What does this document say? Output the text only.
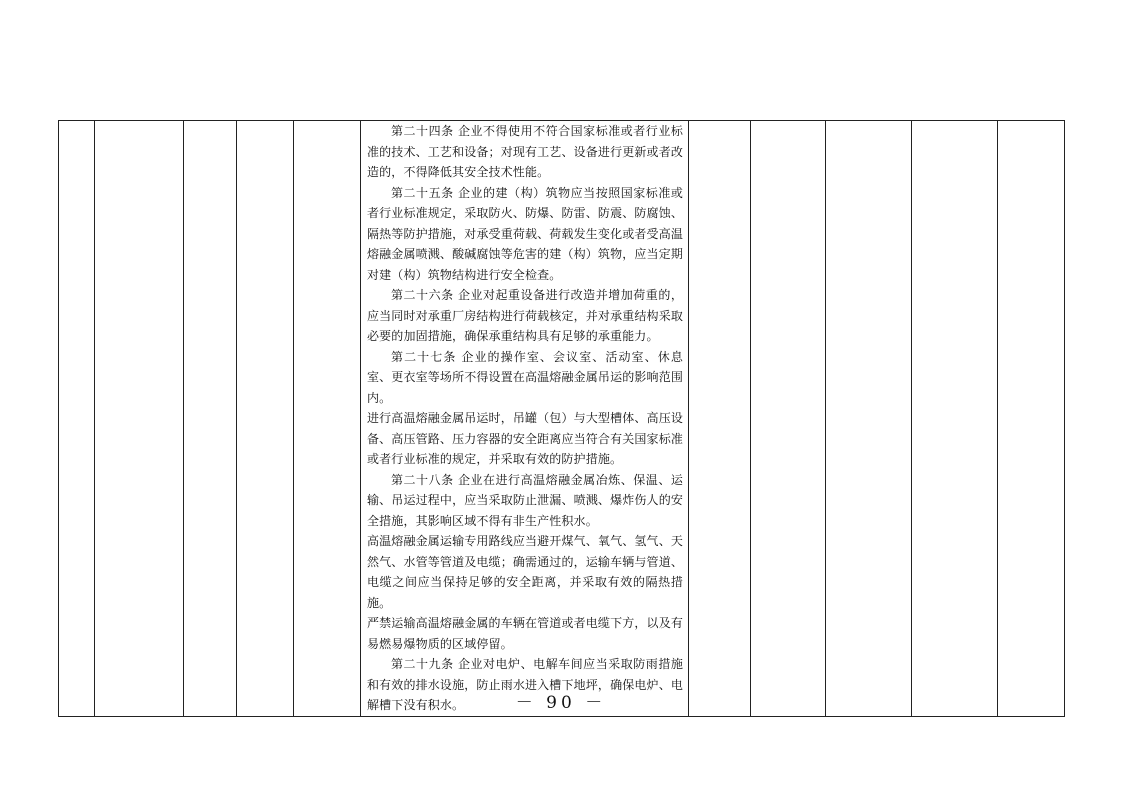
第二十四条 企业不得使用不符合国家标准或者行业标准的技术、工艺和设备；对现有工艺、设备进行更新或者改造的，不得降低其安全技术性能。

第二十五条 企业的建（构）筑物应当按照国家标准或者行业标准规定，采取防火、防爆、防雷、防震、防腐蚀、隔热等防护措施，对承受重荷载、荷载发生变化或者受高温熔融金属喷溅、酸碱腐蚀等危害的建（构）筑物，应当定期对建（构）筑物结构进行安全检查。

第二十六条 企业对起重设备进行改造并增加荷重的，应当同时对承重厂房结构进行荷载核定，并对承重结构采取必要的加固措施，确保承重结构具有足够的承重能力。

第二十七条 企业的操作室、会议室、活动室、休息室、更衣室等场所不得设置在高温熔融金属吊运的影响范围内。

进行高温熔融金属吊运时，吊罐（包）与大型槽体、高压设备、高压管路、压力容器的安全距离应当符合有关国家标准或者行业标准的规定，并采取有效的防护措施。

第二十八条 企业在进行高温熔融金属冶炼、保温、运输、吊运过程中，应当采取防止泄漏、喷溅、爆炸伤人的安全措施，其影响区域不得有非生产性积水。

高温熔融金属运输专用路线应当避开煤气、氧气、氢气、天然气、水管等管道及电缆；确需通过的，运输车辆与管道、电缆之间应当保持足够的安全距离，并采取有效的隔热措施。

严禁运输高温熔融金属的车辆在管道或者电缆下方，以及有易燃易爆物质的区域停留。

第二十九条 企业对电炉、电解车间应当采取防雨措施和有效的排水设施，防止雨水进入槽下地坪，确保电炉、电解槽下没有积水。

						－ 90 －
